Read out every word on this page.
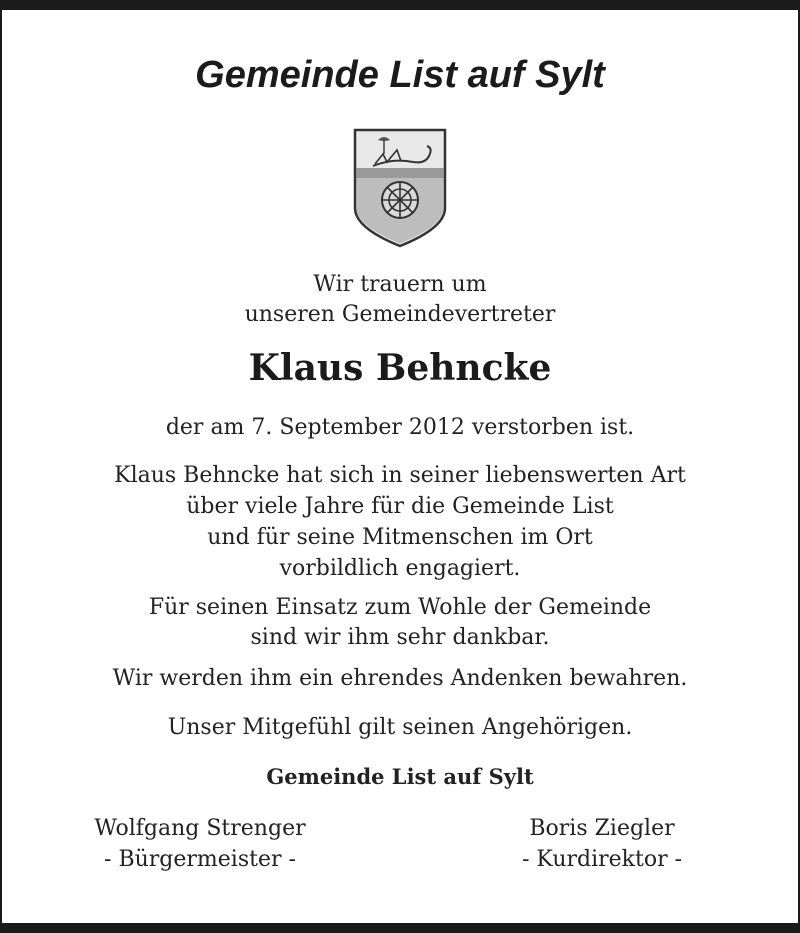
Gemeinde List auf Sylt

Wir trauern um

unseren Gemeindevertreter

Klaus Behncke

der am 7. September 2012 verstorben ist.

Klaus Behncke hat sich in seiner liebenswerten Art

über viele Jahre für die Gemeinde List

und für seine Mitmenschen im Ort

vorbildlich engagiert.

Für seinen Einsatz zum Wohle der Gemeinde

sind wir ihm sehr dankbar.

Wir werden ihm ein ehrendes Andenken bewahren.

Unser Mitgefühl gilt seinen Angehörigen.

Gemeinde List auf Sylt

Wolfgang Strenger
- Bürgermeister -
Boris Ziegler
- Kurdirektor -
